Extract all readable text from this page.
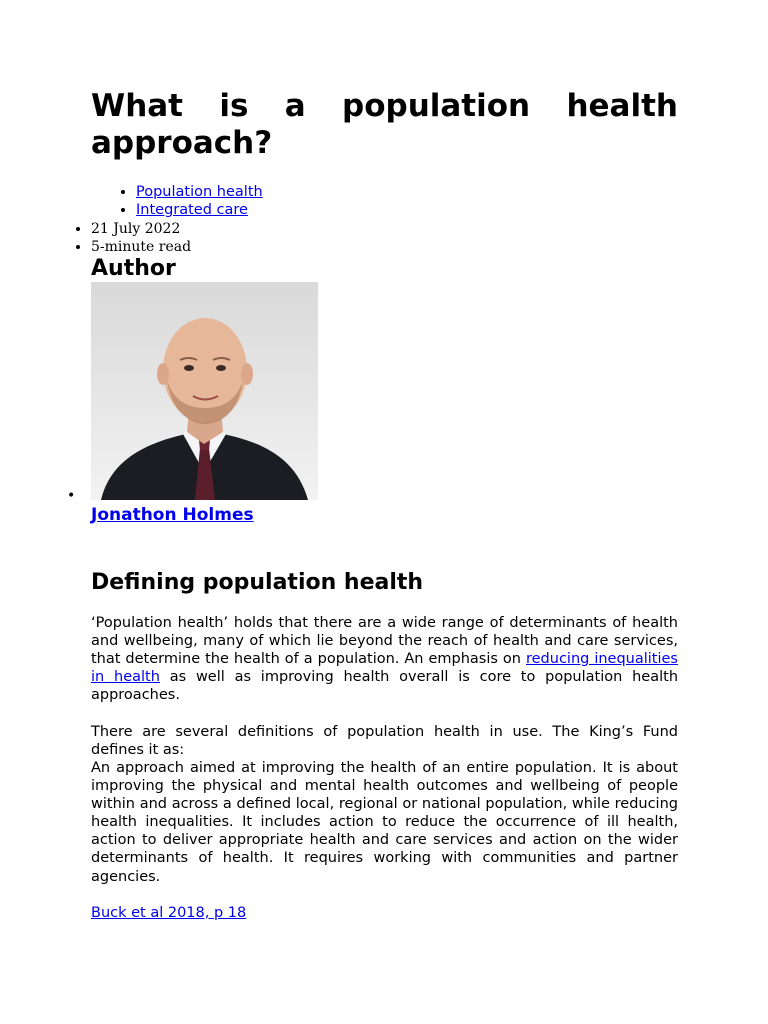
What is a population health approach?
• Population health
• Integrated care
• 21 July 2022
• 5-minute read
Author
•
Jonathon Holmes
Defining population health

‘Population health’ holds that there are a wide range of determinants of health and wellbeing, many of which lie beyond the reach of health and care services, that determine the health of a population. An emphasis on reducing inequalities in health as well as improving health overall is core to population health approaches.

There are several definitions of population health in use. The King’s Fund defines it as:

An approach aimed at improving the health of an entire population. It is about improving the physical and mental health outcomes and wellbeing of people within and across a defined local, regional or national population, while reducing health inequalities. It includes action to reduce the occurrence of ill health, action to deliver appropriate health and care services and action on the wider determinants of health. It requires working with communities and partner agencies.

Buck et al 2018, p 18
